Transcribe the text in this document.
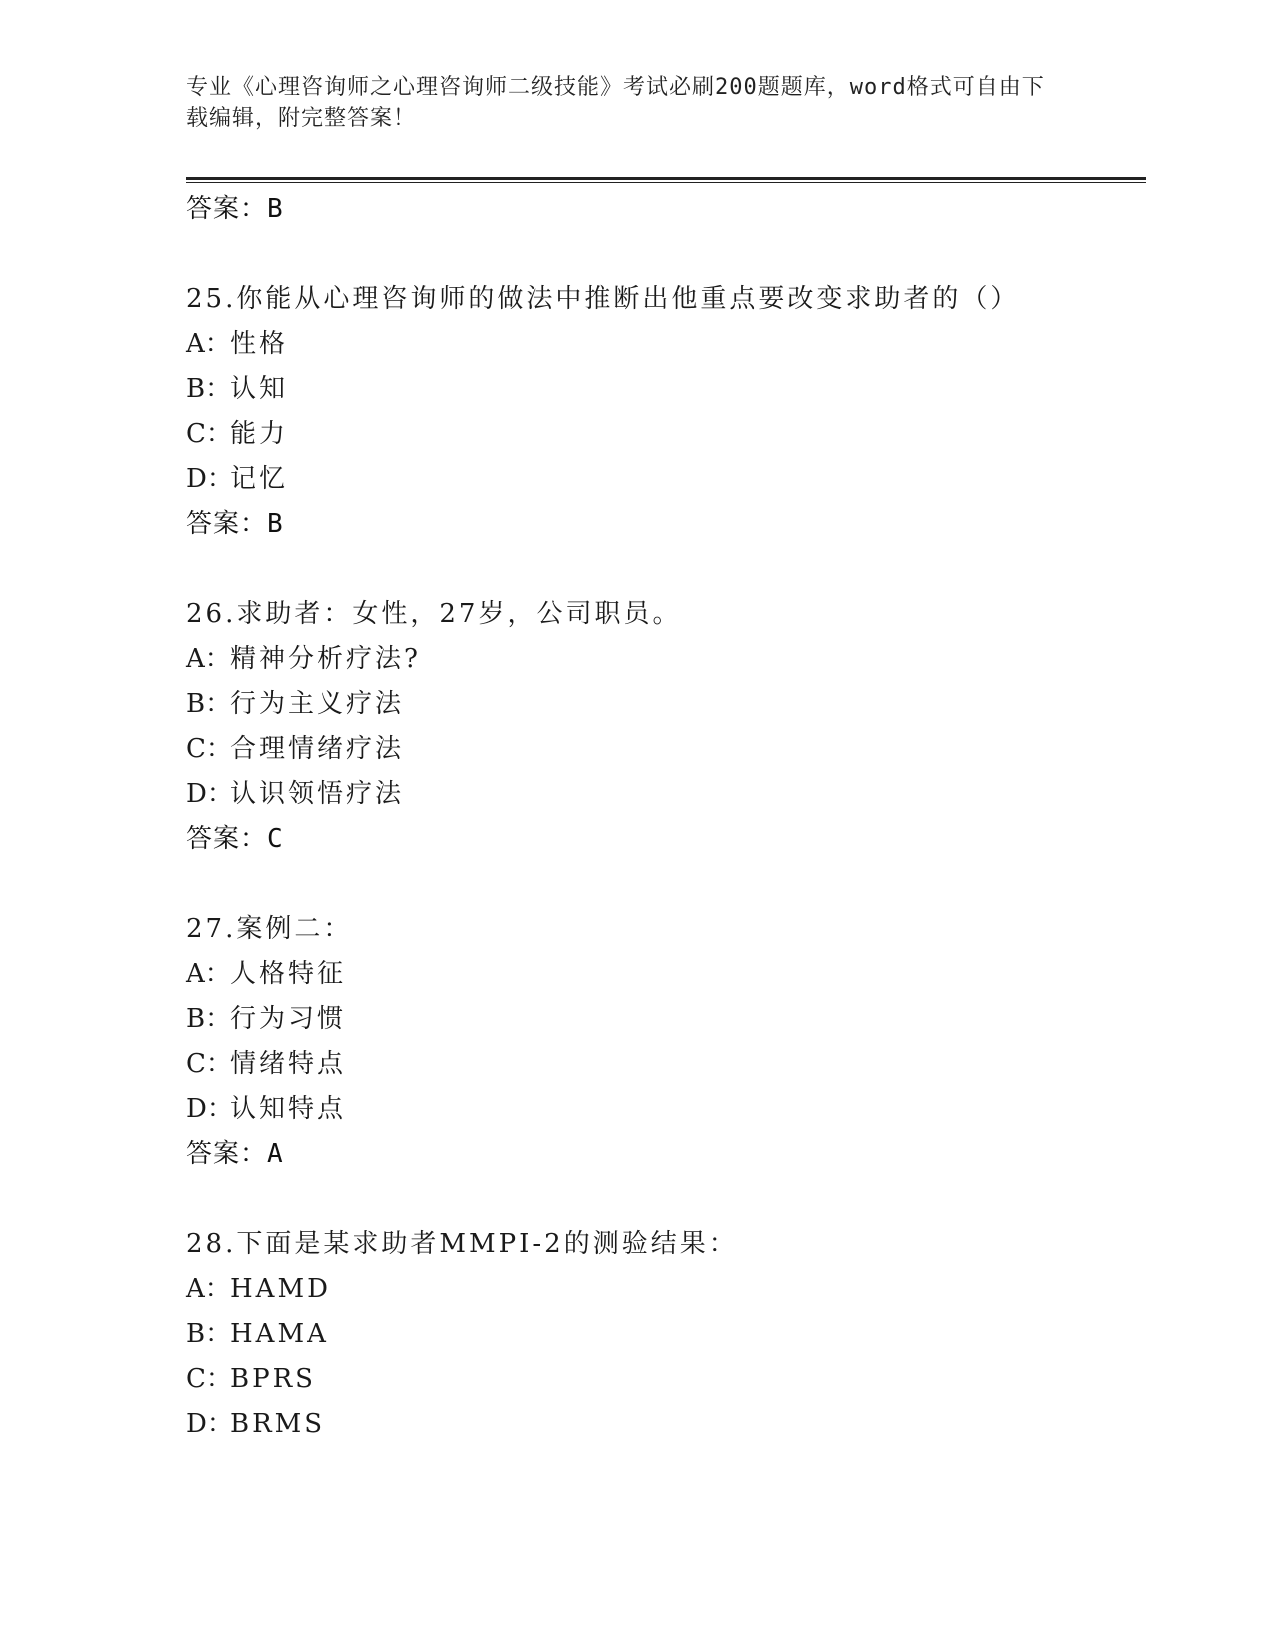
专业《心理咨询师之心理咨询师二级技能》考试必刷200题题库，word格式可自由下载编辑，附完整答案！
答案：B
25.你能从心理咨询师的做法中推断出他重点要改变求助者的（）
A：性格
B：认知
C：能力
D：记忆
答案：B
26.求助者：女性，27岁，公司职员。
A：精神分析疗法?
B：行为主义疗法
C：合理情绪疗法
D：认识领悟疗法
答案：C
27.案例二：
A：人格特征
B：行为习惯
C：情绪特点
D：认知特点
答案：A
28.下面是某求助者MMPI-2的测验结果：
A：HAMD
B：HAMA
C：BPRS
D：BRMS
